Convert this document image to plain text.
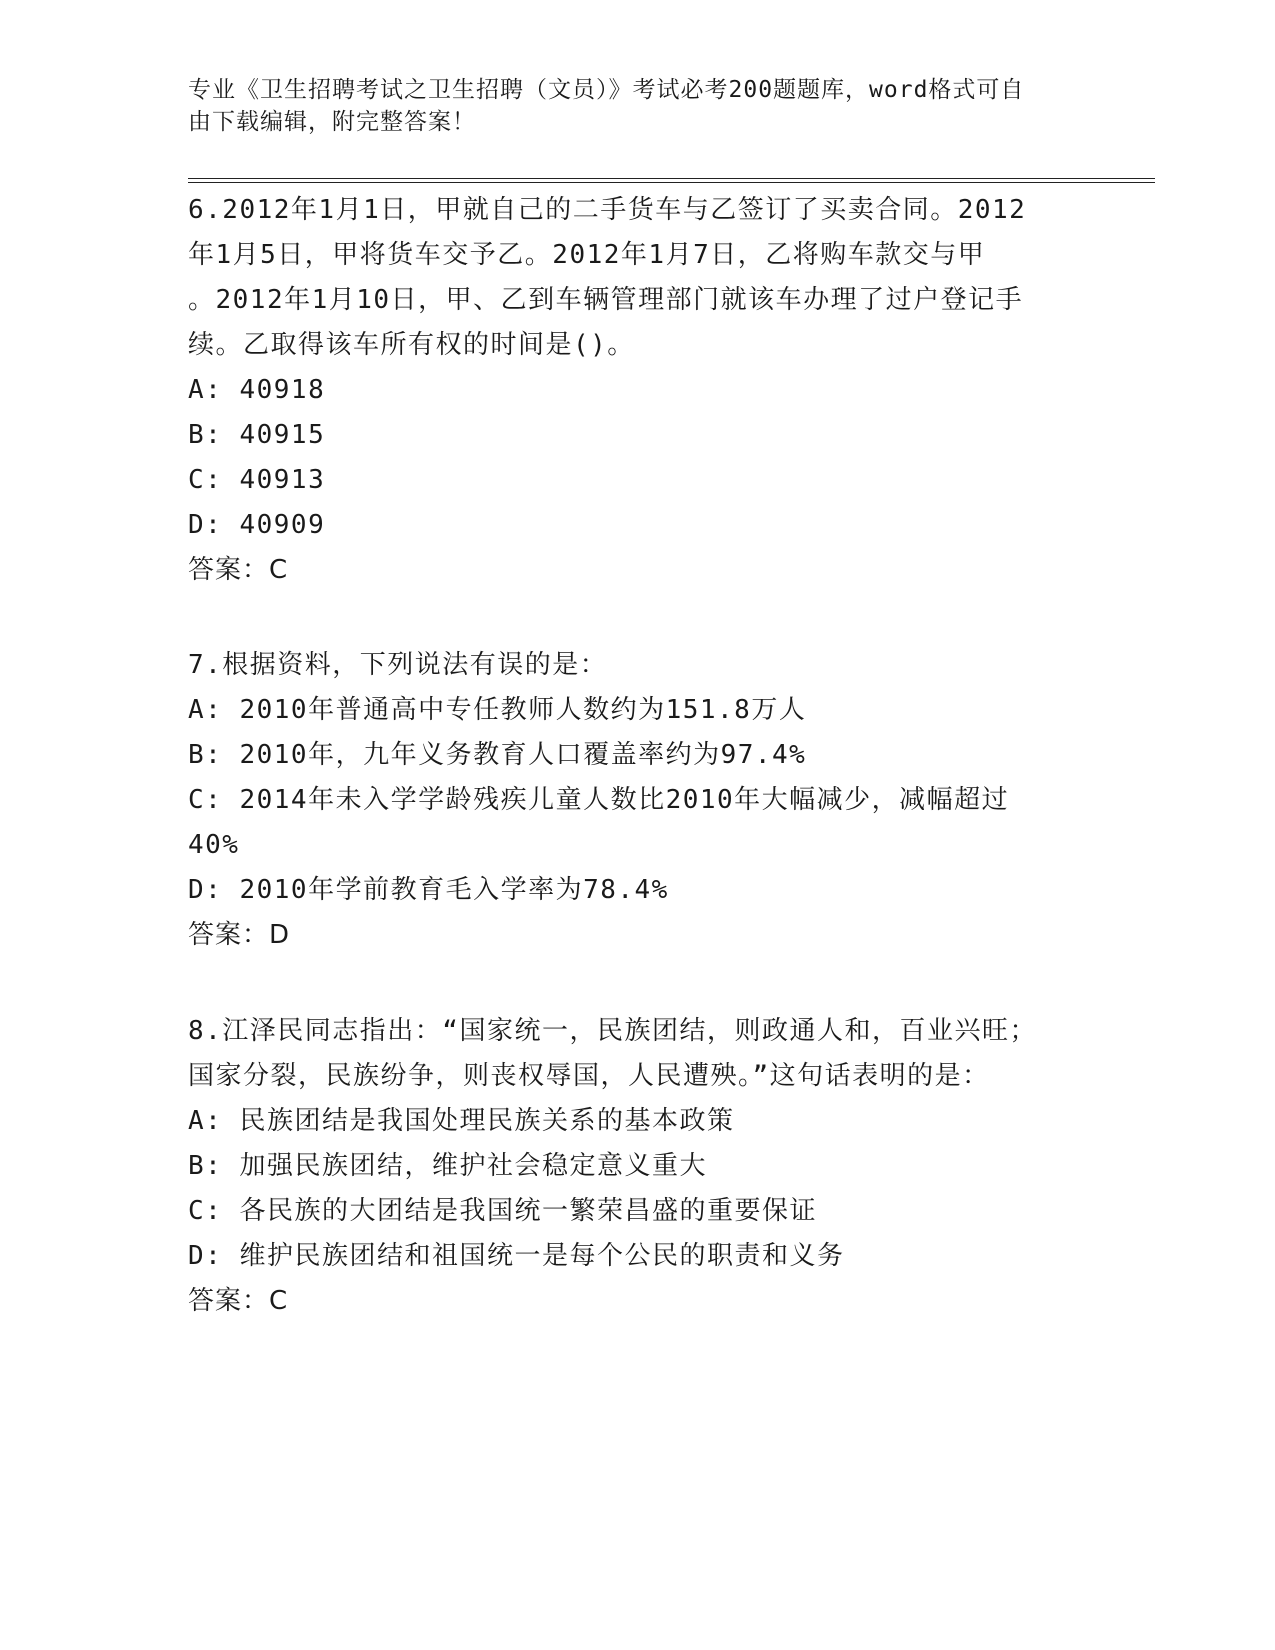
专业《卫生招聘考试之卫生招聘（文员）》考试必考200题题库，word格式可自
由下载编辑，附完整答案！

6.2012年1月1日，甲就自己的二手货车与乙签订了买卖合同。2012

年1月5日，甲将货车交予乙。2012年1月7日，乙将购车款交与甲

。2012年1月10日，甲、乙到车辆管理部门就该车办理了过户登记手

续。乙取得该车所有权的时间是()。

A: 40918

B: 40915

C: 40913

D: 40909

答案：C

7.根据资料，下列说法有误的是：

A: 2010年普通高中专任教师人数约为151.8万人

B: 2010年，九年义务教育人口覆盖率约为97.4%

C: 2014年未入学学龄残疾儿童人数比2010年大幅减少，减幅超过

40%

D: 2010年学前教育毛入学率为78.4%

答案：D

8.江泽民同志指出：“国家统一，民族团结，则政通人和，百业兴旺；

国家分裂，民族纷争，则丧权辱国，人民遭殃。”这句话表明的是：

A: 民族团结是我国处理民族关系的基本政策

B: 加强民族团结，维护社会稳定意义重大

C: 各民族的大团结是我国统一繁荣昌盛的重要保证

D: 维护民族团结和祖国统一是每个公民的职责和义务

答案：C
